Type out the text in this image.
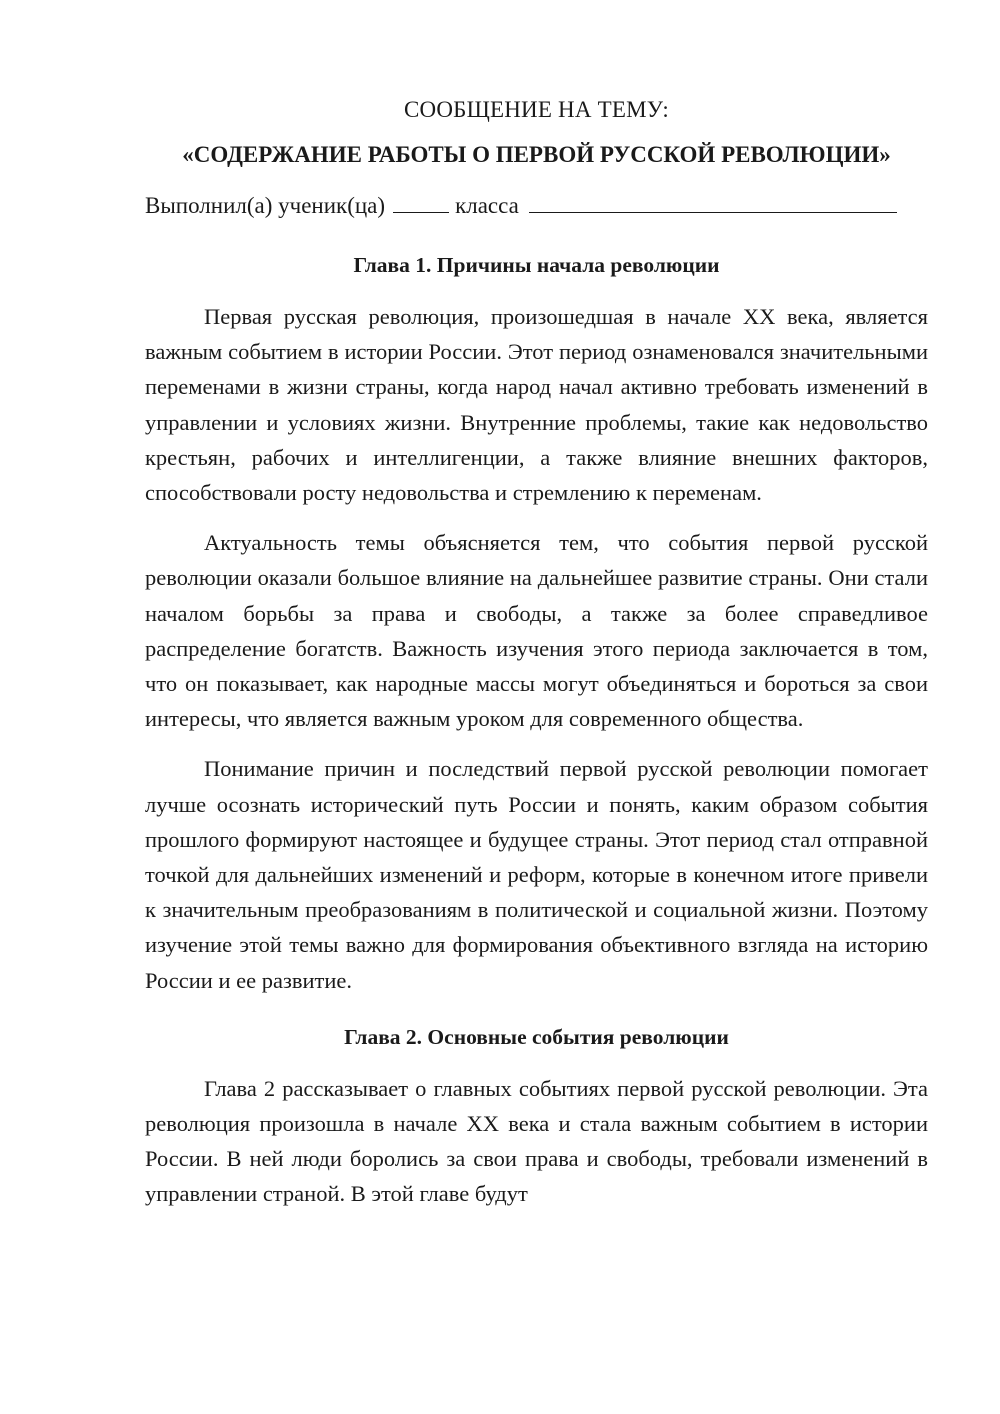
СООБЩЕНИЕ НА ТЕМУ:

«СОДЕРЖАНИЕ РАБОТЫ О ПЕРВОЙ РУССКОЙ РЕВОЛЮЦИИ»

Выполнил(а) ученик(ца)	класса

Глава 1. Причины начала революции

Первая русская революция, произошедшая в начале XX века, является важным событием в истории России. Этот период ознаменовался значительными переменами в жизни страны, когда народ начал активно требовать изменений в управлении и условиях жизни. Внутренние проблемы, такие как недовольство крестьян, рабочих и интеллигенции, а также влияние внешних факторов, способствовали росту недовольства и стремлению к переменам.

Актуальность темы объясняется тем, что события первой русской революции оказали большое влияние на дальнейшее развитие страны. Они стали началом борьбы за права и свободы, а также за более справедливое распределение богатств. Важность изучения этого периода заключается в том, что он показывает, как народные массы могут объединяться и бороться за свои интересы, что является важным уроком для современного общества.

Понимание причин и последствий первой русской революции помогает лучше осознать исторический путь России и понять, каким образом события прошлого формируют настоящее и будущее страны. Этот период стал отправной точкой для дальнейших изменений и реформ, которые в конечном итоге привели к значительным преобразованиям в политической и социальной жизни. Поэтому изучение этой темы важно для формирования объективного взгляда на историю России и ее развитие.

Глава 2. Основные события революции

Глава 2 рассказывает о главных событиях первой русской революции. Эта революция произошла в начале XX века и стала важным событием в истории России. В ней люди боролись за свои права и свободы, требовали изменений в управлении страной. В этой главе будут
